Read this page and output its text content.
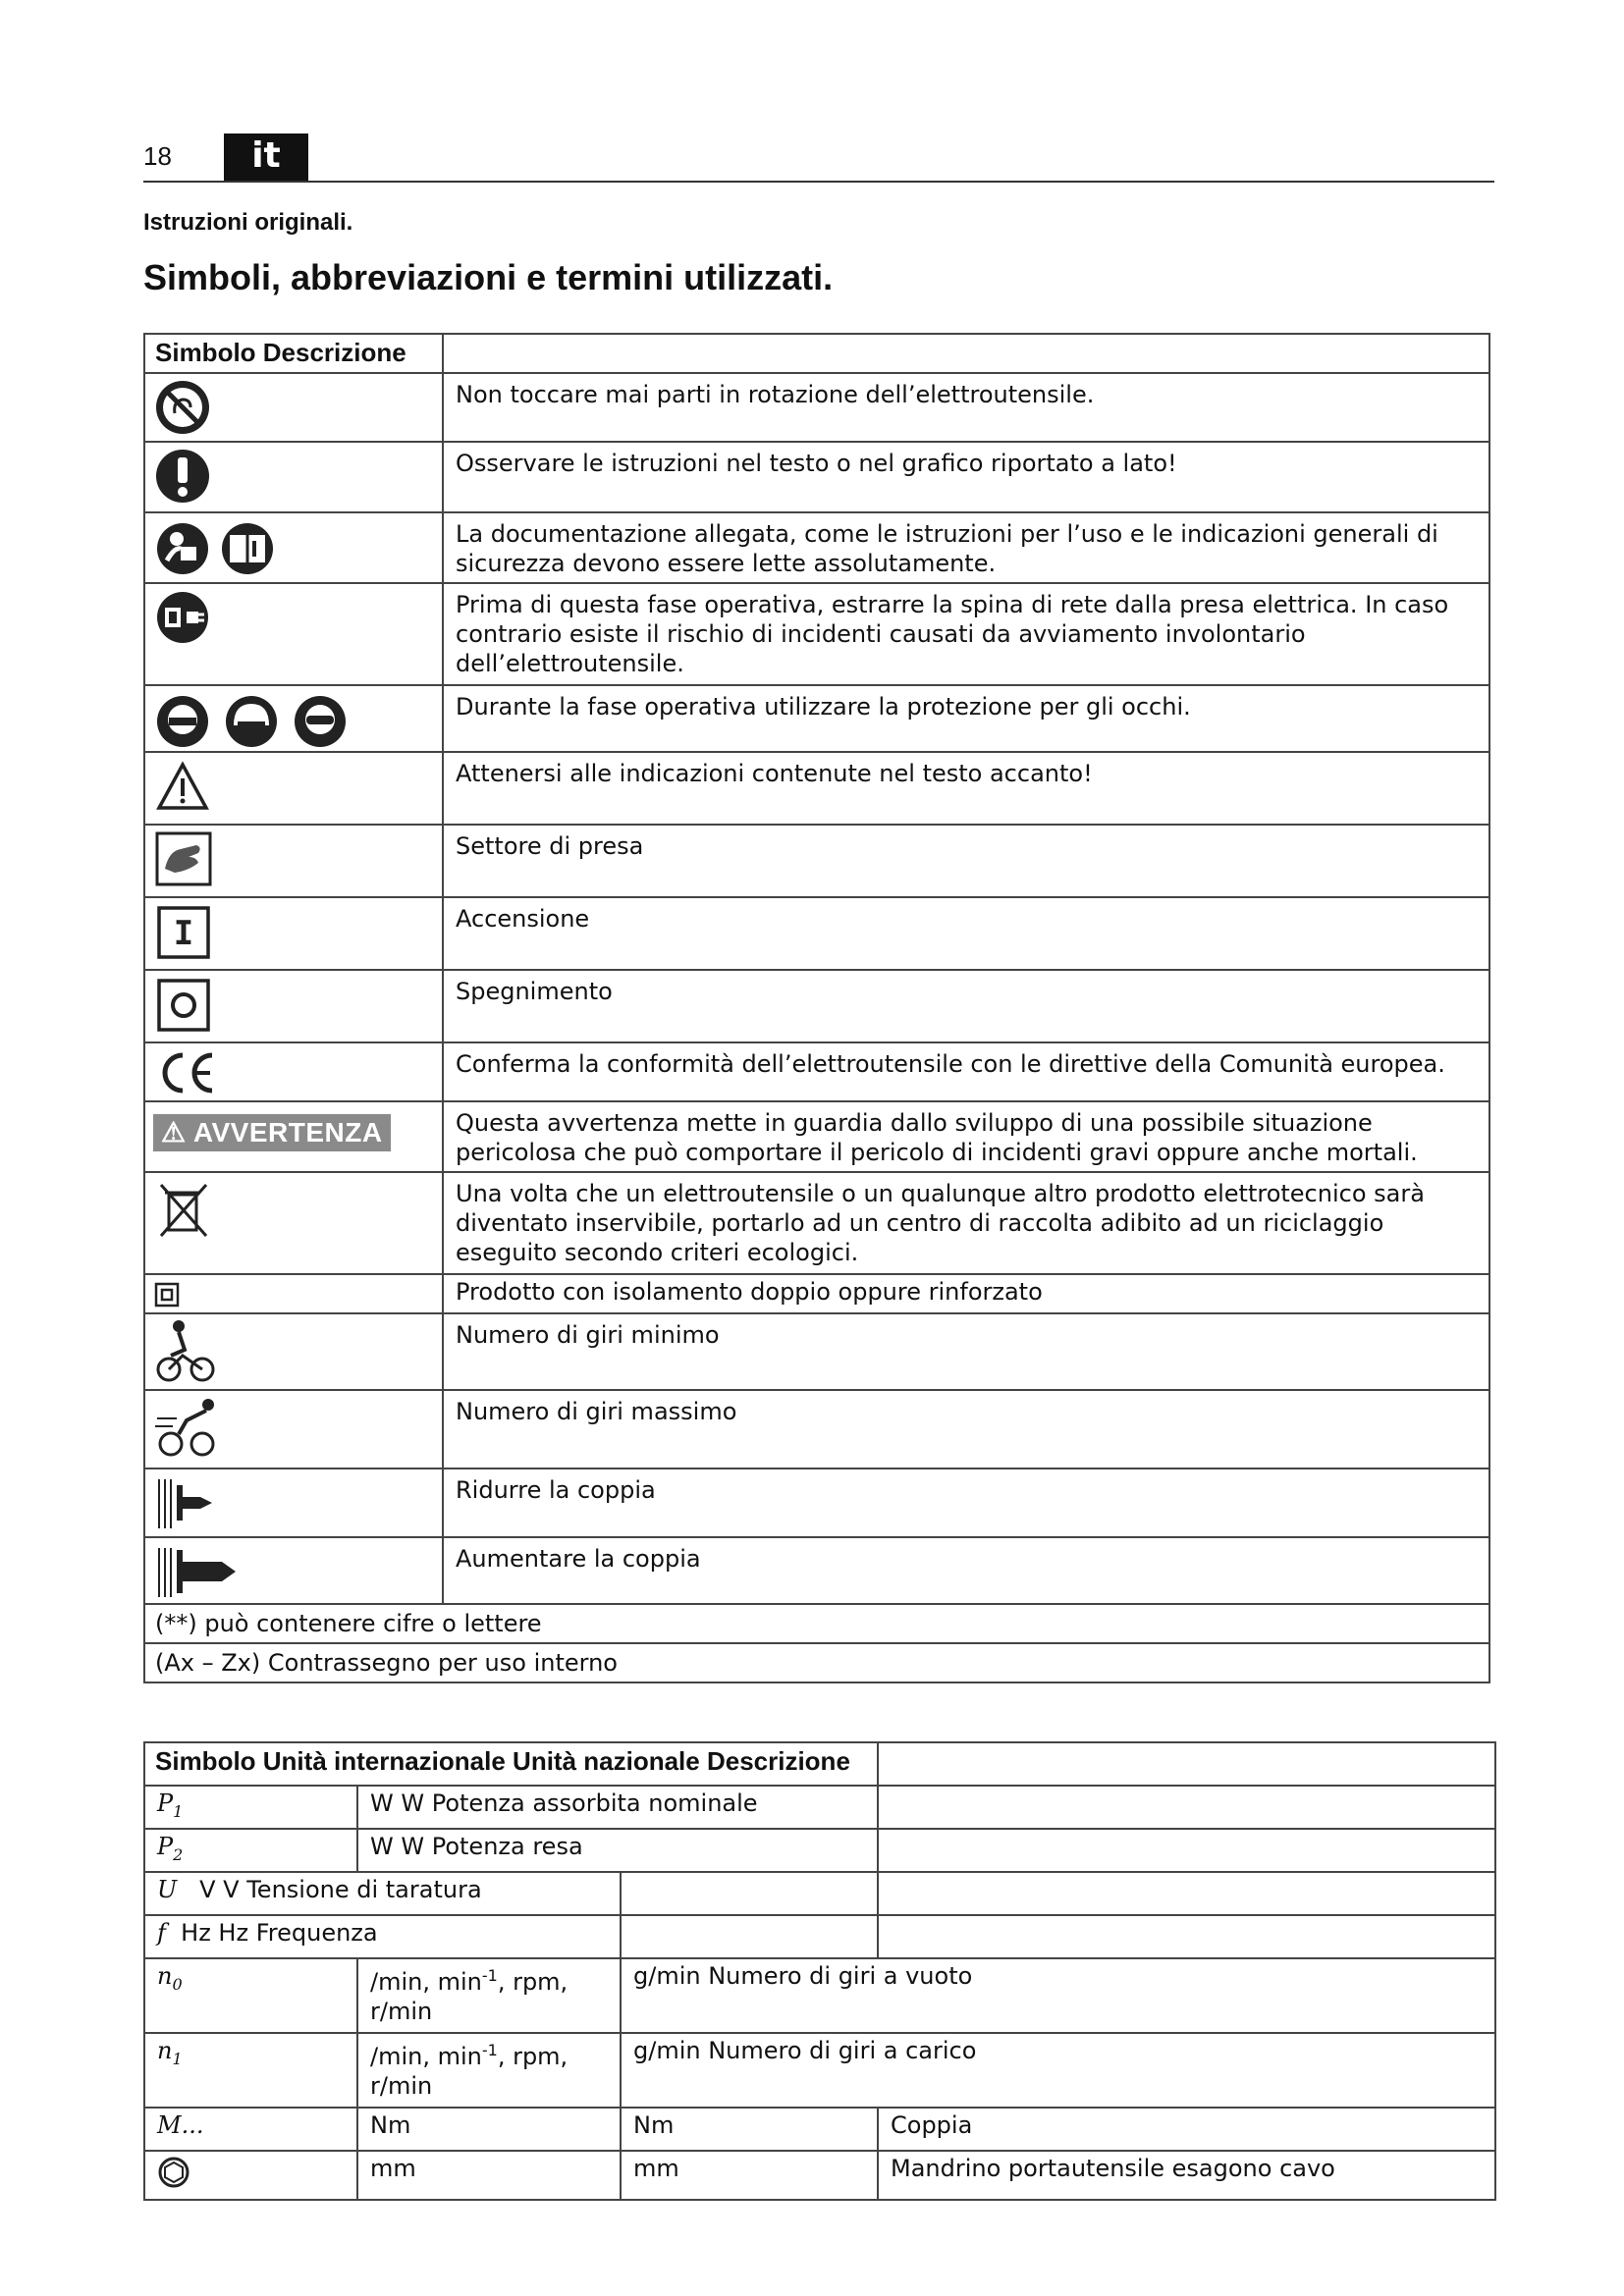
18	it
Istruzioni originali.
Simboli, abbreviazioni e termini utilizzati.
Simbolo Descrizione	
	Non toccare mai parti in rotazione dell’elettroutensile.
	Osservare le istruzioni nel testo o nel grafico riportato a lato!
	La documentazione allegata, come le istruzioni per l’uso e le indicazioni generali di sicurezza devono essere lette assolutamente.
	Prima di questa fase operativa, estrarre la spina di rete dalla presa elettrica. In caso contrario esiste il rischio di incidenti causati da avviamento involontario dell’elettroutensile.
	Durante la fase operativa utilizzare la protezione per gli occhi.
	Attenersi alle indicazioni contenute nel testo accanto!
	Settore di presa

I	Accensione
	Spegnimento
	Conferma la conformità dell’elettroutensile con le direttive della Comunità europea.
⚠ AVVERTENZA	Questa avvertenza mette in guardia dallo sviluppo di una possibile situazione pericolosa che può comportare il pericolo di incidenti gravi oppure anche mortali.
	Una volta che un elettroutensile o un qualunque altro prodotto elettrotecnico sarà diventato inservibile, portarlo ad un centro di raccolta adibito ad un riciclaggio eseguito secondo criteri ecologici.
	Prodotto con isolamento doppio oppure rinforzato
	Numero di giri minimo
	Numero di giri massimo
	Ridurre la coppia
	Aumentare la coppia
(**) può contenere cifre o lettere	
(Ax – Zx) Contrassegno per uso interno	
Simbolo Unità internazionale Unità nazionale Descrizione			
$P_1$	W W Potenza assorbita nominale		
$P_2$	W W Potenza resa		
U V V Tensione di taratura			
f Hz Hz Frequenza			
$n_0$	/min, $\min^{-1}$, rpm, r/min	g/min Numero di giri a vuoto	
$n_1$	/min, $\min^{-1}$, rpm, r/min	g/min Numero di giri a carico	
M...	Nm	Nm	Coppia
	mm	mm	Mandrino portautensile esagono cavo
